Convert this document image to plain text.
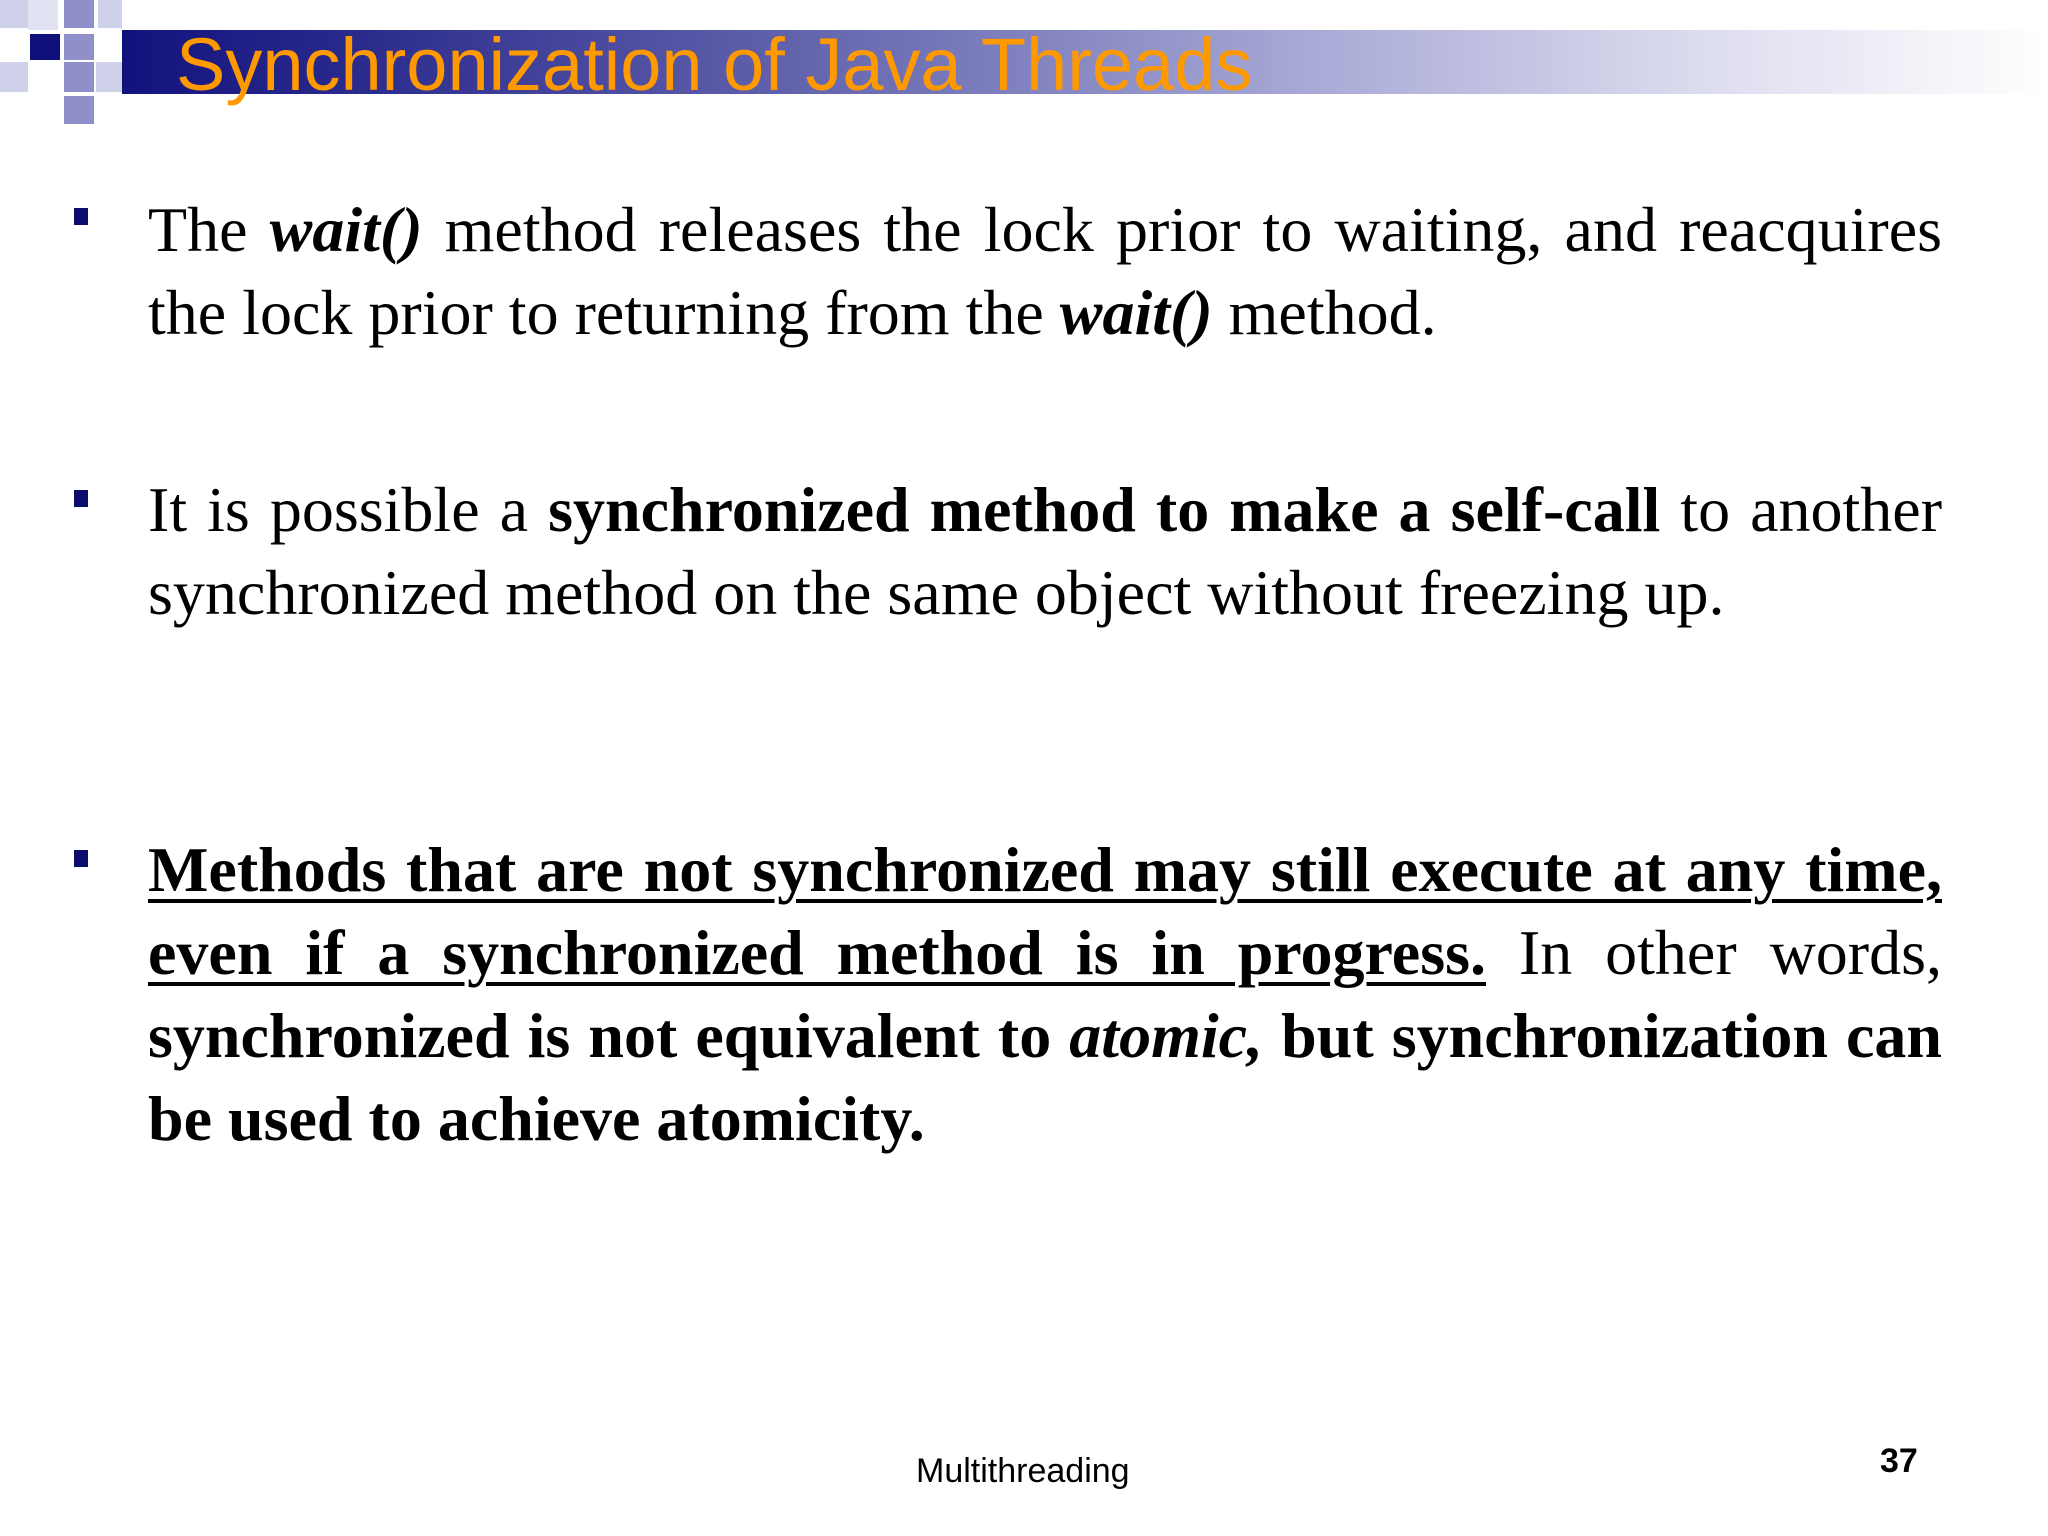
Synchronization of Java Threads

The wait() method releases the lock prior to waiting, and reacquires the lock prior to returning from the wait() method.

It is possible a synchronized method to make a self-call to another synchronized method on the same object without freezing up.

Methods that are not synchronized may still execute at any time, even if a synchronized method is in progress. In other words, synchronized is not equivalent to atomic, but synchronization can be used to achieve atomicity.

Multithreading	37
